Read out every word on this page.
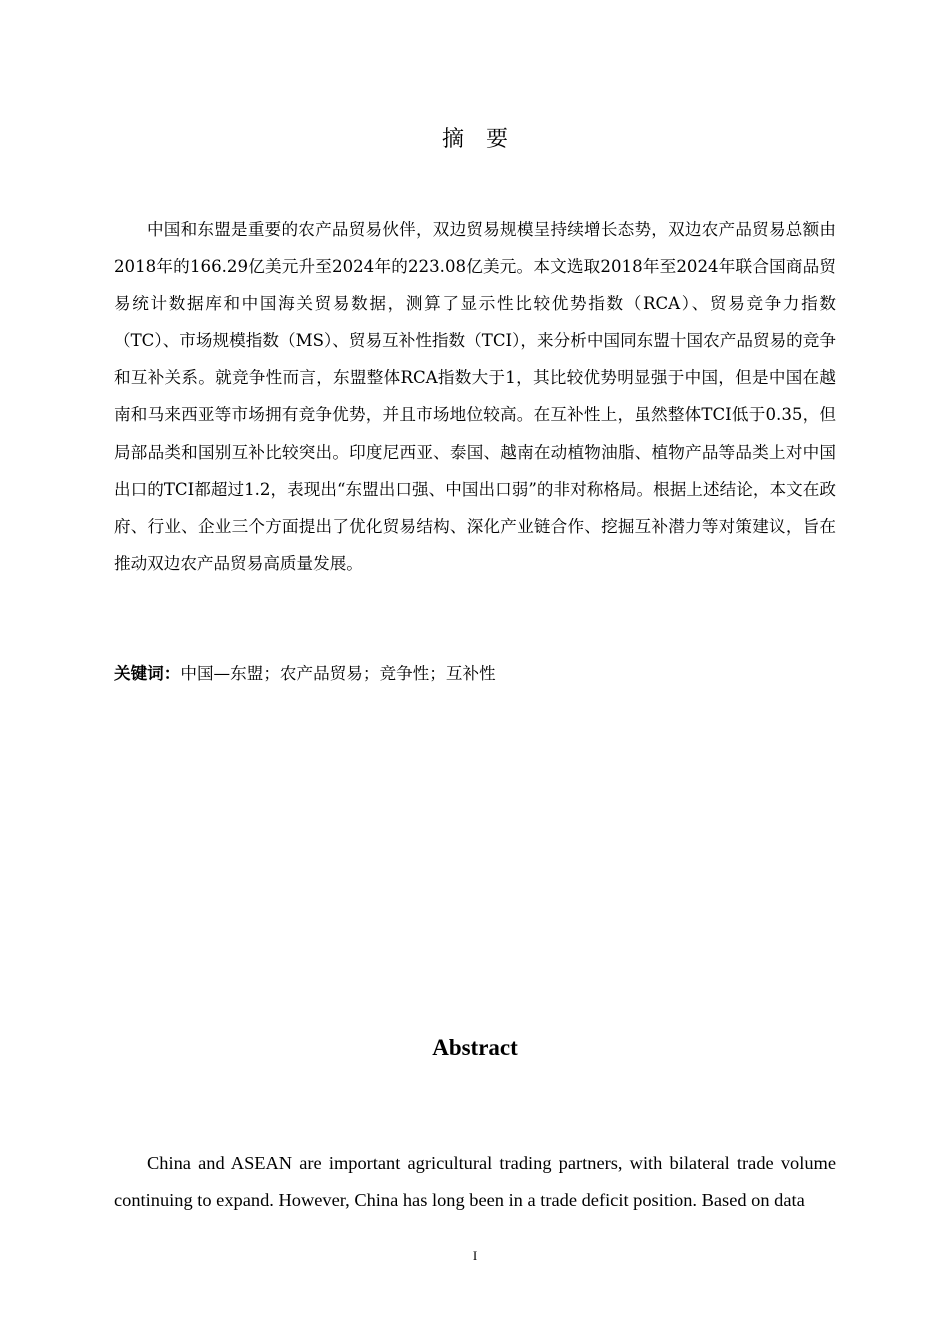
摘要

中国和东盟是重要的农产品贸易伙伴，双边贸易规模呈持续增长态势，双边农产品贸易总额由2018年的166.29亿美元升至2024年的223.08亿美元。本文选取2018年至2024年联合国商品贸易统计数据库和中国海关贸易数据，测算了显示性比较优势指数（RCA）、贸易竞争力指数（TC）、市场规模指数（MS）、贸易互补性指数（TCI），来分析中国同东盟十国农产品贸易的竞争和互补关系。就竞争性而言，东盟整体RCA指数大于1，其比较优势明显强于中国，但是中国在越南和马来西亚等市场拥有竞争优势，并且市场地位较高。在互补性上，虽然整体TCI低于0.35，但局部品类和国别互补比较突出。印度尼西亚、泰国、越南在动植物油脂、植物产品等品类上对中国出口的TCI都超过1.2，表现出“东盟出口强、中国出口弱”的非对称格局。根据上述结论，本文在政府、行业、企业三个方面提出了优化贸易结构、深化产业链合作、挖掘互补潜力等对策建议，旨在推动双边农产品贸易高质量发展。

关键词：中国—东盟；农产品贸易；竞争性；互补性
Abstract

China and ASEAN are important agricultural trading partners, with bilateral trade volume continuing to expand. However, China has long been in a trade deficit position. Based on data

I
